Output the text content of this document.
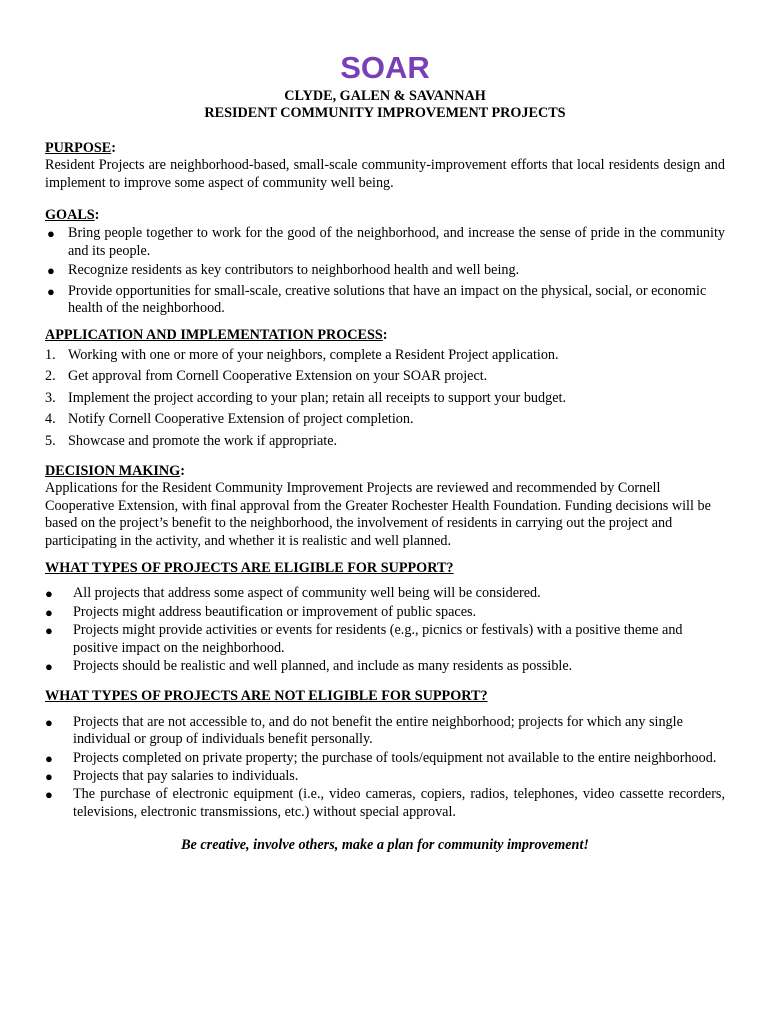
SOAR

CLYDE, GALEN & SAVANNAH

RESIDENT COMMUNITY IMPROVEMENT PROJECTS

PURPOSE:

Resident Projects are neighborhood-based, small-scale community-improvement efforts that local residents design and implement to improve some aspect of community well being.

GOALS:

● Bring people together to work for the good of the neighborhood, and increase the sense of pride in the community and its people.
● Recognize residents as key contributors to neighborhood health and well being.
● Provide opportunities for small-scale, creative solutions that have an impact on the physical, social, or economic health of the neighborhood.

APPLICATION AND IMPLEMENTATION PROCESS:

1. Working with one or more of your neighbors, complete a Resident Project application.
2. Get approval from Cornell Cooperative Extension on your SOAR project.
3. Implement the project according to your plan; retain all receipts to support your budget.
4. Notify Cornell Cooperative Extension of project completion.
5. Showcase and promote the work if appropriate.

DECISION MAKING:

Applications for the Resident Community Improvement Projects are reviewed and recommended by Cornell Cooperative Extension, with final approval from the Greater Rochester Health Foundation. Funding decisions will be based on the project’s benefit to the neighborhood, the involvement of residents in carrying out the project and participating in the activity, and whether it is realistic and well planned.

WHAT TYPES OF PROJECTS ARE ELIGIBLE FOR SUPPORT?

● All projects that address some aspect of community well being will be considered.
● Projects might address beautification or improvement of public spaces.
● Projects might provide activities or events for residents (e.g., picnics or festivals) with a positive theme and positive impact on the neighborhood.
● Projects should be realistic and well planned, and include as many residents as possible.

WHAT TYPES OF PROJECTS ARE NOT ELIGIBLE FOR SUPPORT?

● Projects that are not accessible to, and do not benefit the entire neighborhood; projects for which any single individual or group of individuals benefit personally.
● Projects completed on private property; the purchase of tools/equipment not available to the entire neighborhood.
● Projects that pay salaries to individuals.
● The purchase of electronic equipment (i.e., video cameras, copiers, radios, telephones, video cassette recorders, televisions, electronic transmissions, etc.) without special approval.

Be creative, involve others, make a plan for community improvement!
